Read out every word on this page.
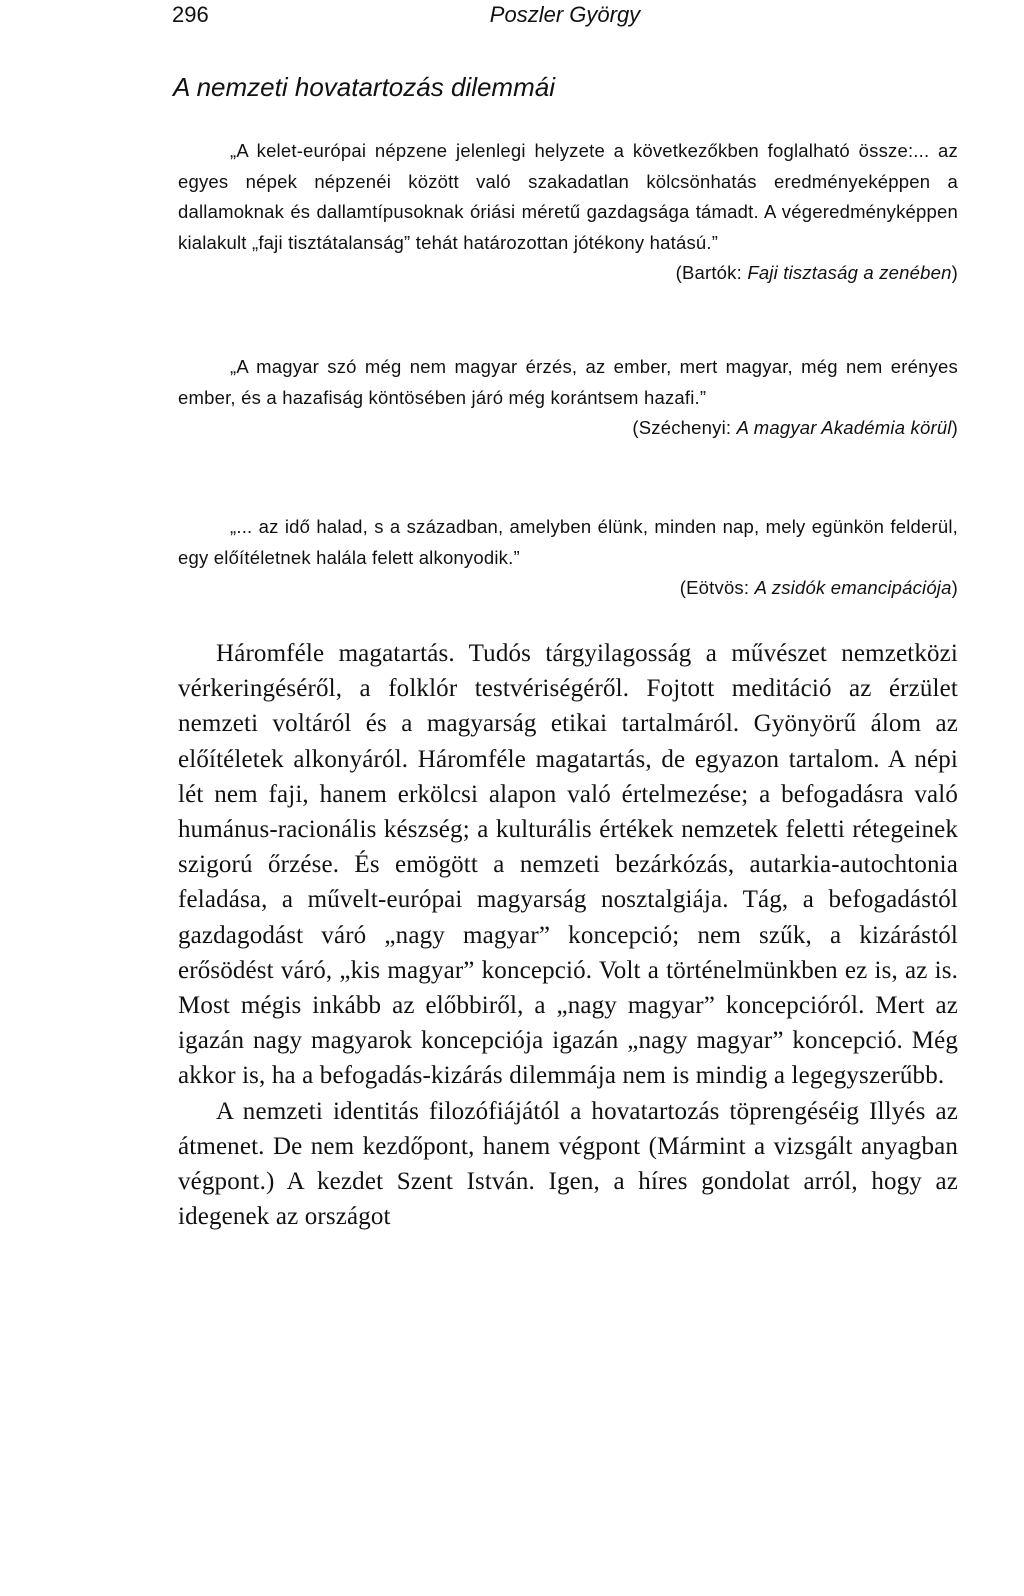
296	Poszler György
A nemzeti hovatartozás dilemmái

„A kelet-európai népzene jelenlegi helyzete a következőkben foglalható össze:... az egyes népek népzenéi között való szakadatlan kölcsönhatás eredményeképpen a dallamoknak és dallamtípusoknak óriási méretű gazdagsága támadt. A végeredményképpen kialakult „faji tisztátalanság” tehát határozottan jótékony hatású.”

(Bartók: Faji tisztaság a zenében)

„A magyar szó még nem magyar érzés, az ember, mert magyar, még nem erényes ember, és a hazafiság köntösében járó még korántsem hazafi.”

(Széchenyi: A magyar Akadémia körül)

„... az idő halad, s a században, amelyben élünk, minden nap, mely egünkön felderül, egy előítéletnek halála felett alkonyodik.”

(Eötvös: A zsidók emancipációja)

Háromféle magatartás. Tudós tárgyilagosság a művészet nemzetközi vérkeringéséről, a folklór testvériségéről. Fojtott meditáció az érzület nemzeti voltáról és a magyarság etikai tartalmáról. Gyönyörű álom az előítéletek alkonyáról. Háromféle magatartás, de egyazon tartalom. A népi lét nem faji, hanem erkölcsi alapon való értelmezése; a befogadásra való humánus-racionális készség; a kulturális értékek nemzetek feletti rétegeinek szigorú őrzése. És emögött a nemzeti bezárkózás, autarkia-autochtonia feladása, a művelt-európai magyarság nosztalgiája. Tág, a befogadástól gazdagodást váró „nagy magyar” koncepció; nem szűk, a kizárástól erősödést váró, „kis magyar” koncepció. Volt a történelmünkben ez is, az is. Most mégis inkább az előbbiről, a „nagy magyar” koncepcióról. Mert az igazán nagy magyarok koncepciója igazán „nagy magyar” koncepció. Még akkor is, ha a befogadás-kizárás dilemmája nem is mindig a legegyszerűbb.

A nemzeti identitás filozófiájától a hovatartozás töprengéséig Illyés az átmenet. De nem kezdőpont, hanem végpont (Mármint a vizsgált anyagban végpont.) A kezdet Szent István. Igen, a híres gondolat arról, hogy az idegenek az országot
